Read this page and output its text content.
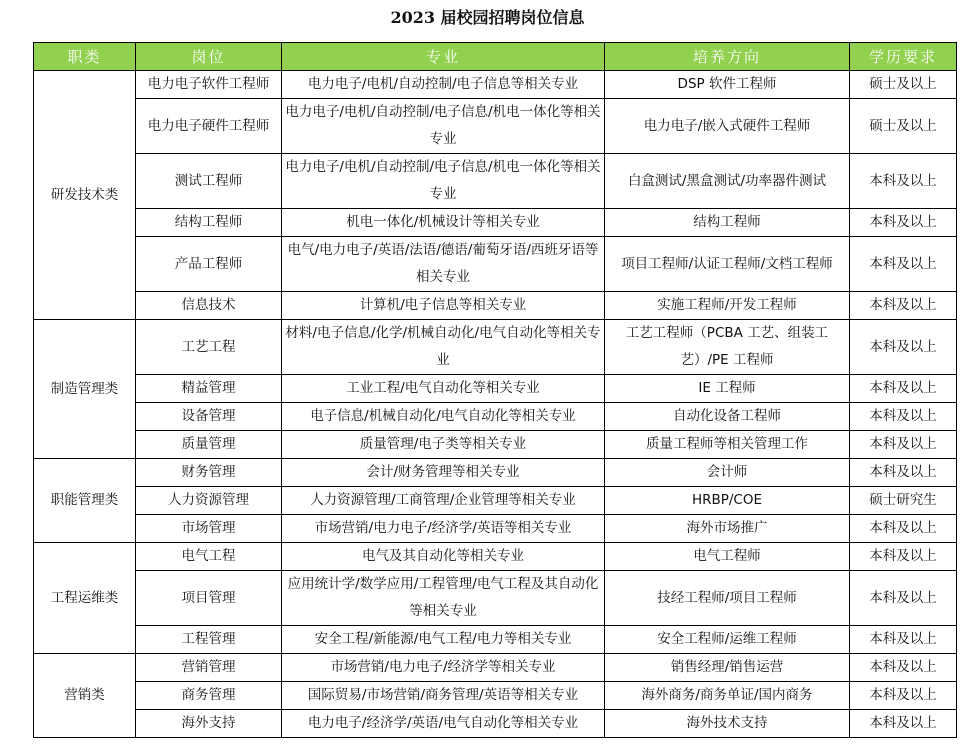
2023 届校园招聘岗位信息
职类	岗位	专业	培养方向	学历要求
研发技术类	电力电子软件工程师	电力电子/电机/自动控制/电子信息等相关专业	DSP 软件工程师	硕士及以上
	电力电子硬件工程师	电力电子/电机/自动控制/电子信息/机电一体化等相关专业	电力电子/嵌入式硬件工程师	硕士及以上
	测试工程师	电力电子/电机/自动控制/电子信息/机电一体化等相关专业	白盒测试/黑盒测试/功率器件测试	本科及以上
	结构工程师	机电一体化/机械设计等相关专业	结构工程师	本科及以上
	产品工程师	电气/电力电子/英语/法语/德语/葡萄牙语/西班牙语等相关专业	项目工程师/认证工程师/文档工程师	本科及以上
	信息技术	计算机/电子信息等相关专业	实施工程师/开发工程师	本科及以上
制造管理类	工艺工程	材料/电子信息/化学/机械自动化/电气自动化等相关专业	工艺工程师（PCBA 工艺、组装工艺）/PE 工程师	本科及以上
	精益管理	工业工程/电气自动化等相关专业	IE 工程师	本科及以上
	设备管理	电子信息/机械自动化/电气自动化等相关专业	自动化设备工程师	本科及以上
	质量管理	质量管理/电子类等相关专业	质量工程师等相关管理工作	本科及以上
职能管理类	财务管理	会计/财务管理等相关专业	会计师	本科及以上
	人力资源管理	人力资源管理/工商管理/企业管理等相关专业	HRBP/COE	硕士研究生
	市场管理	市场营销/电力电子/经济学/英语等相关专业	海外市场推广	本科及以上
工程运维类	电气工程	电气及其自动化等相关专业	电气工程师	本科及以上
	项目管理	应用统计学/数学应用/工程管理/电气工程及其自动化等相关专业	技经工程师/项目工程师	本科及以上
	工程管理	安全工程/新能源/电气工程/电力等相关专业	安全工程师/运维工程师	本科及以上
营销类	营销管理	市场营销/电力电子/经济学等相关专业	销售经理/销售运营	本科及以上
	商务管理	国际贸易/市场营销/商务管理/英语等相关专业	海外商务/商务单证/国内商务	本科及以上
	海外支持	电力电子/经济学/英语/电气自动化等相关专业	海外技术支持	本科及以上
